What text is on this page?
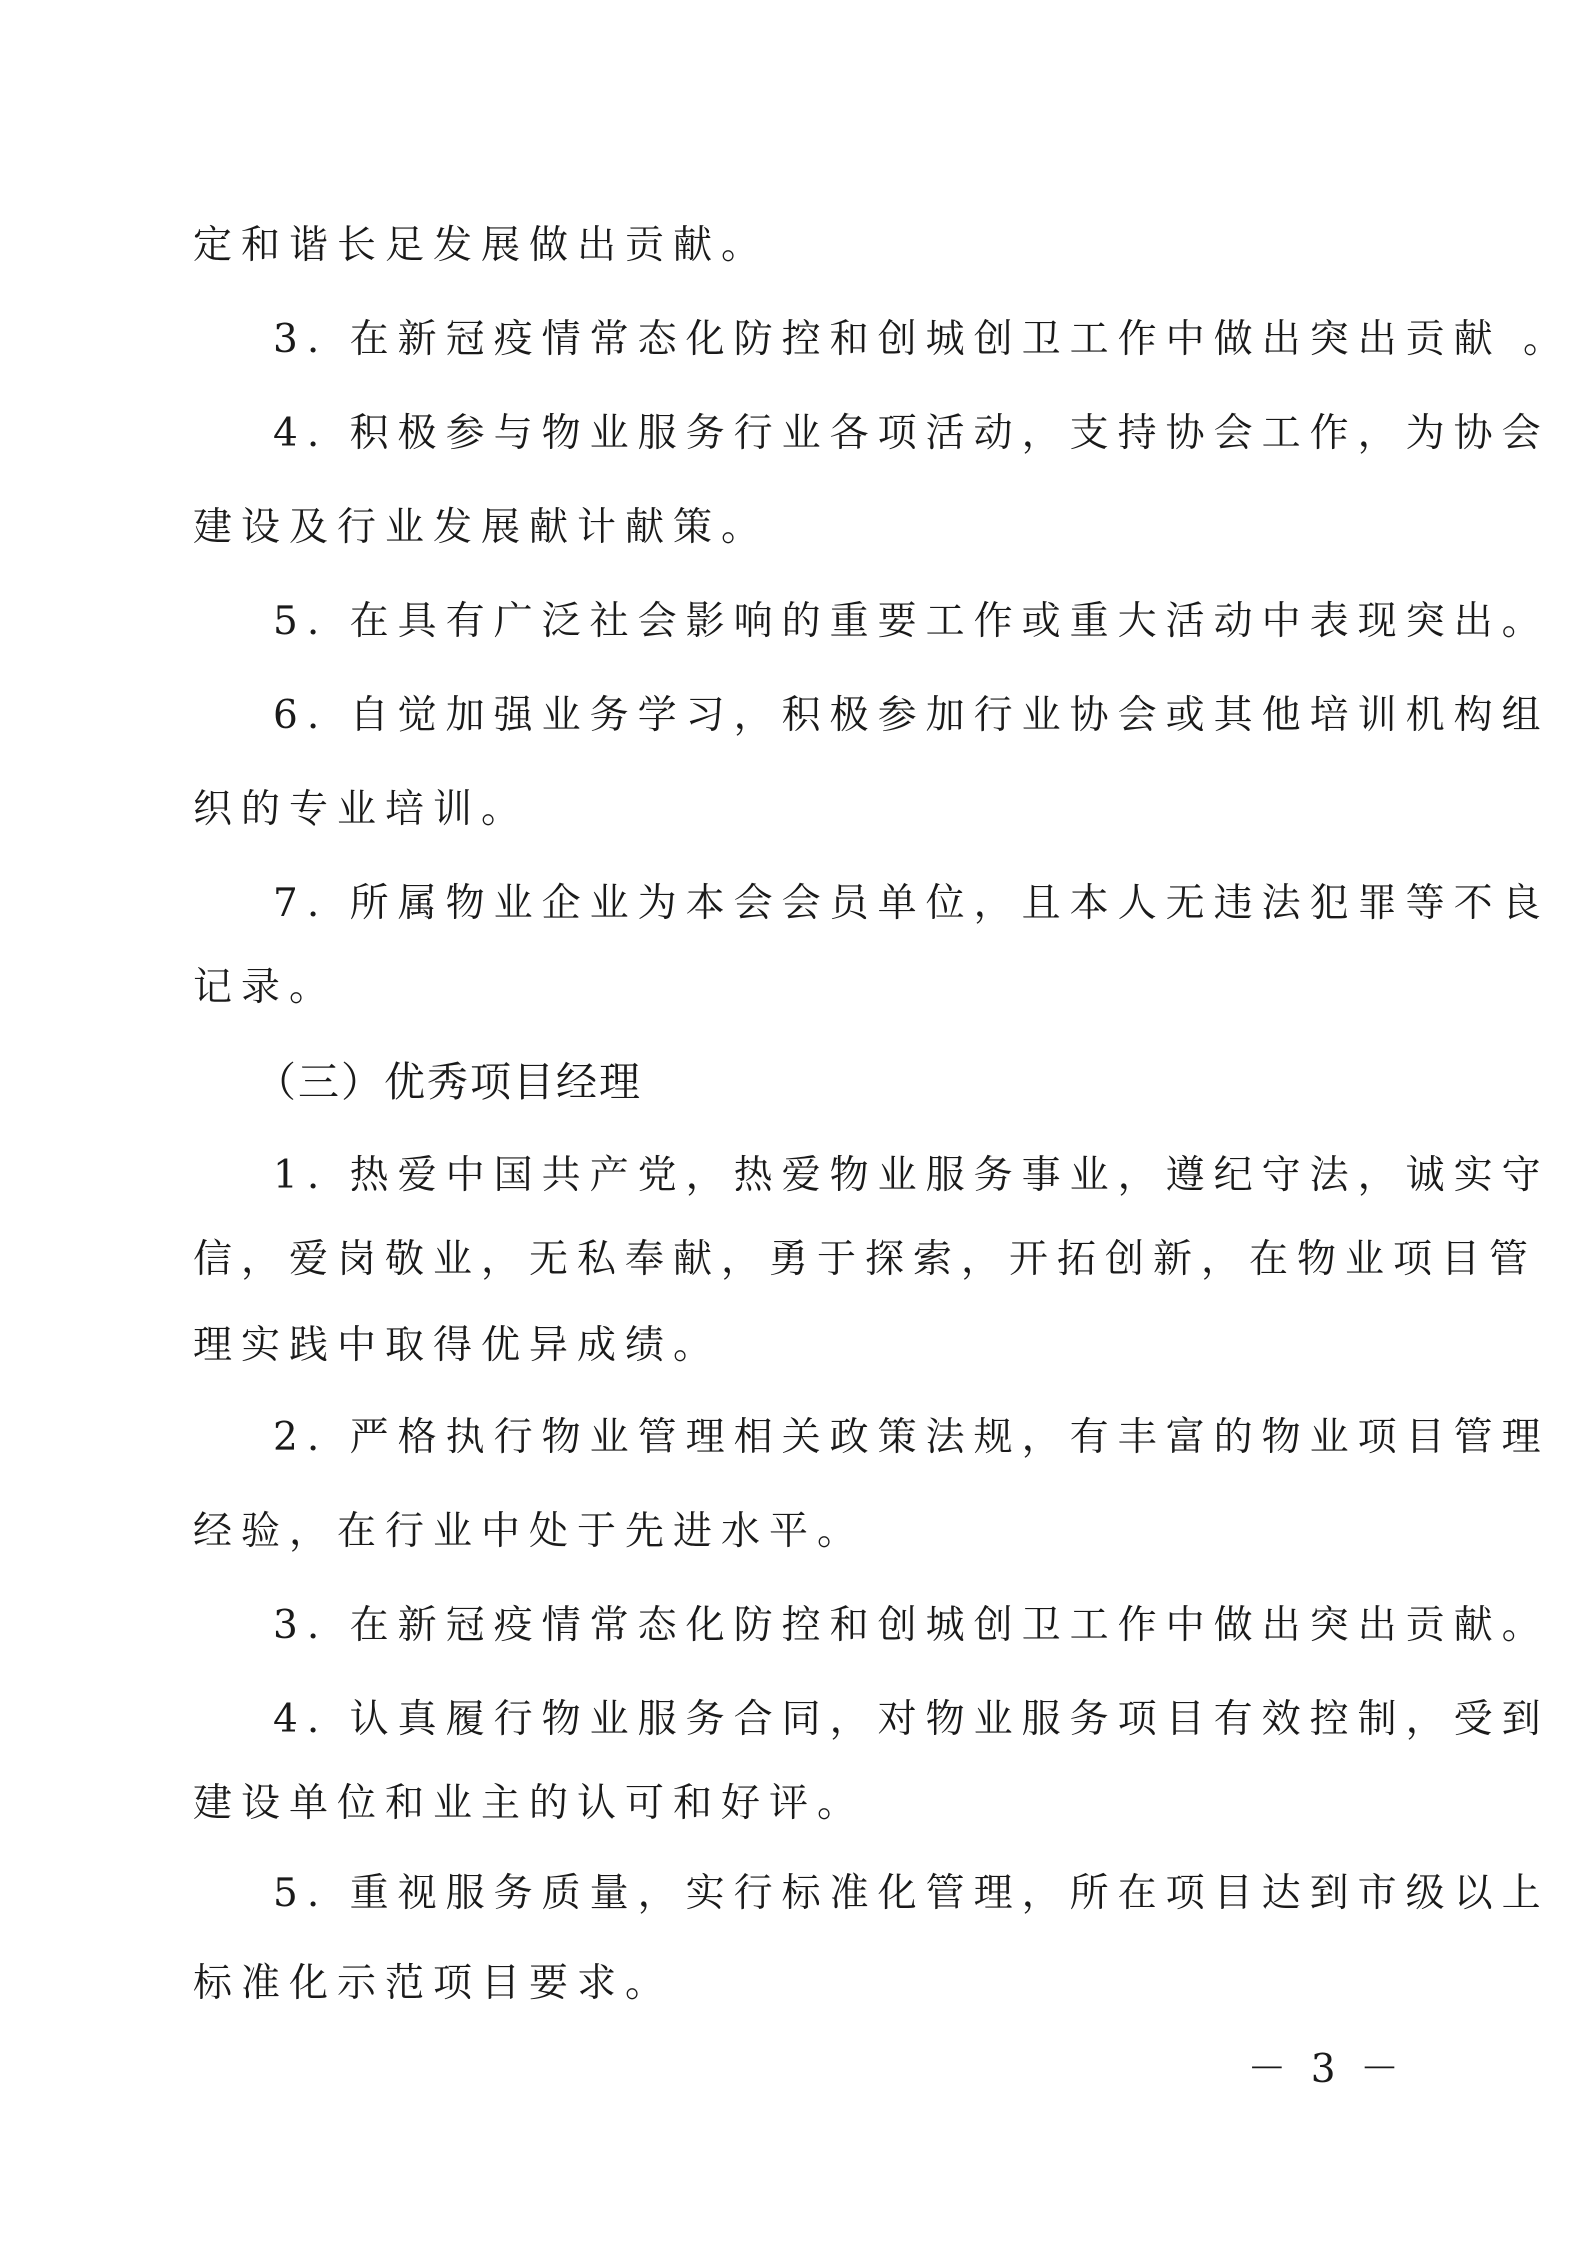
定和谐长足发展做出贡献。

3. 在新冠疫情常态化防控和创城创卫工作中做出突出贡献 。

4. 积极参与物业服务行业各项活动，支持协会工作，为协会

建设及行业发展献计献策。

5. 在具有广泛社会影响的重要工作或重大活动中表现突出。

6. 自觉加强业务学习，积极参加行业协会或其他培训机构组

织的专业培训。

7. 所属物业企业为本会会员单位，且本人无违法犯罪等不良

记录。

（三）优秀项目经理

1. 热爱中国共产党，热爱物业服务事业，遵纪守法，诚实守

信，爱岗敬业，无私奉献，勇于探索，开拓创新，在物业项目管

理实践中取得优异成绩。

2. 严格执行物业管理相关政策法规，有丰富的物业项目管理

经验，在行业中处于先进水平。

3. 在新冠疫情常态化防控和创城创卫工作中做出突出贡献。

4. 认真履行物业服务合同，对物业服务项目有效控制，受到

建设单位和业主的认可和好评。

5. 重视服务质量，实行标准化管理，所在项目达到市级以上

标准化示范项目要求。

－ 3 －
